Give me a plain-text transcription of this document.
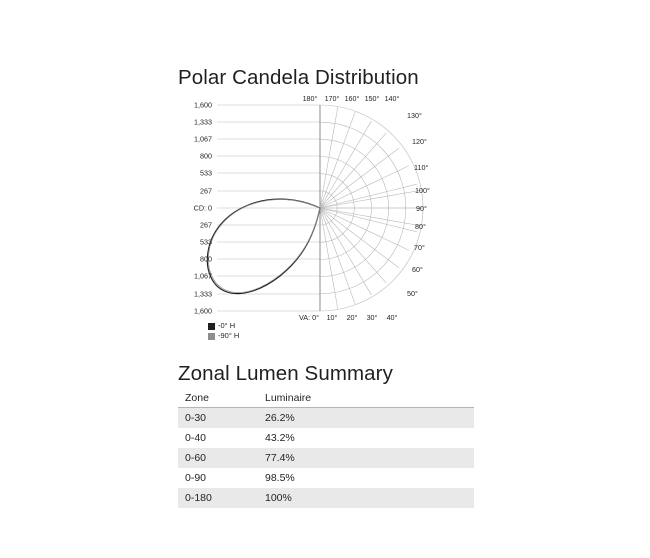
Polar Candela Distribution
1,600
1,333
1,067
800
533
267
CD: 0
267
533
800
1,067
1,333
1,600
180° 170° 160° 150° 140°
130°
120°
110°
100°
90°
80°
70°
60°
50°
VA: 0° 10° 20° 30° 40°
-0° H
-90° H
Zonal Lumen Summary
Zone	Luminaire
0-30	26.2%
0-40	43.2%
0-60	77.4%
0-90	98.5%
0-180	100%
